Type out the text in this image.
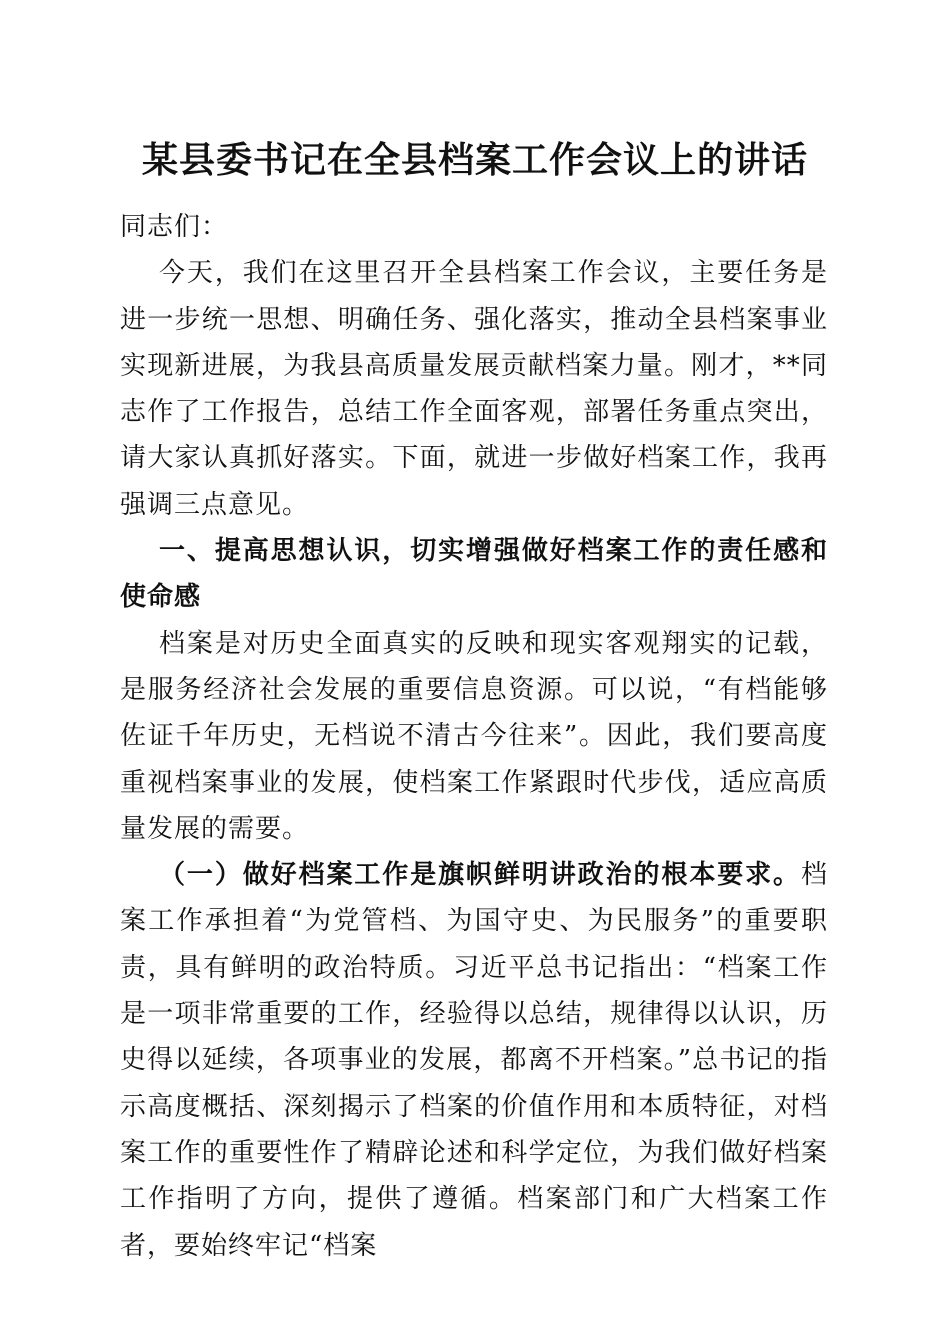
某县委书记在全县档案工作会议上的讲话

同志们：

今天，我们在这里召开全县档案工作会议，主要任务是进一步统一思想、明确任务、强化落实，推动全县档案事业实现新进展，为我县高质量发展贡献档案力量。刚才，**同志作了工作报告，总结工作全面客观，部署任务重点突出，请大家认真抓好落实。下面，就进一步做好档案工作，我再强调三点意见。

一、提高思想认识，切实增强做好档案工作的责任感和使命感

档案是对历史全面真实的反映和现实客观翔实的记载，是服务经济社会发展的重要信息资源。可以说，“有档能够佐证千年历史，无档说不清古今往来”。因此，我们要高度重视档案事业的发展，使档案工作紧跟时代步伐，适应高质量发展的需要。

（一）做好档案工作是旗帜鲜明讲政治的根本要求。档案工作承担着“为党管档、为国守史、为民服务”的重要职责，具有鲜明的政治特质。习近平总书记指出：“档案工作是一项非常重要的工作，经验得以总结，规律得以认识，历史得以延续，各项事业的发展，都离不开档案。”总书记的指示高度概括、深刻揭示了档案的价值作用和本质特征，对档案工作的重要性作了精辟论述和科学定位，为我们做好档案工作指明了方向，提供了遵循。档案部门和广大档案工作者，要始终牢记“档案
